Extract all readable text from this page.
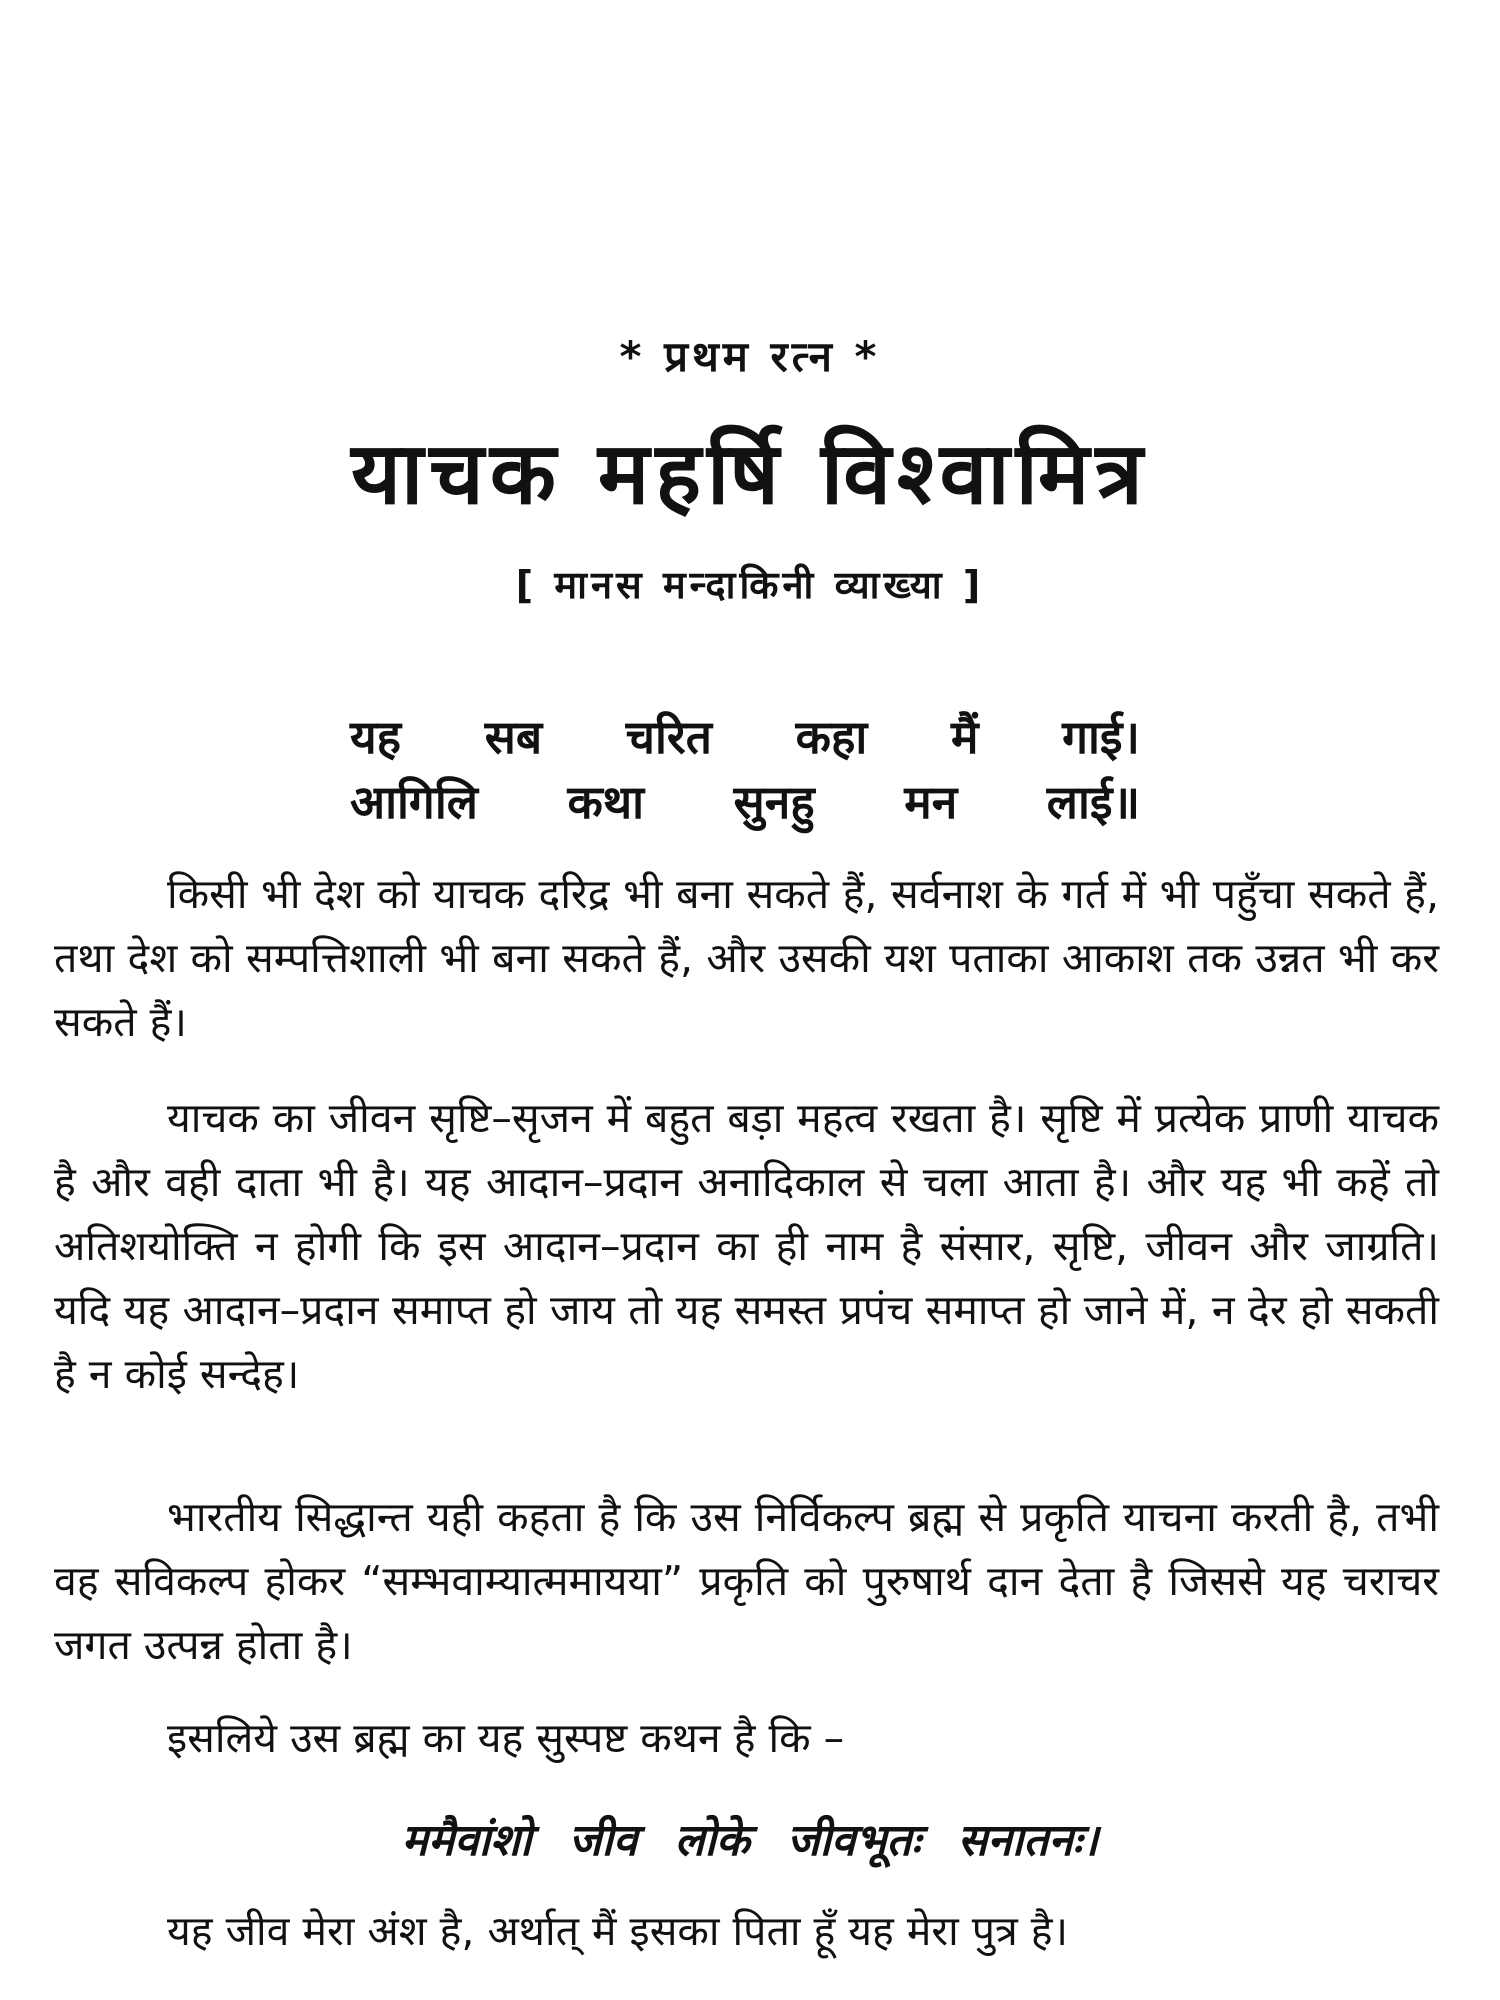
* प्रथम रत्न *
याचक महर्षि विश्वामित्र
[ मानस मन्दाकिनी व्याख्या ]
यह सब चरित कहा मैं गाई।
आगिलि कथा सुनहु मन लाई॥

किसी भी देश को याचक दरिद्र भी बना सकते हैं, सर्वनाश के गर्त में भी पहुँचा सकते हैं, तथा देश को सम्पत्तिशाली भी बना सकते हैं, और उसकी यश पताका आकाश तक उन्नत भी कर सकते हैं।

याचक का जीवन सृष्टि–सृजन में बहुत बड़ा महत्व रखता है। सृष्टि में प्रत्येक प्राणी याचक है और वही दाता भी है। यह आदान–प्रदान अनादिकाल से चला आता है। और यह भी कहें तो अतिशयोक्ति न होगी कि इस आदान–प्रदान का ही नाम है संसार, सृष्टि, जीवन और जाग्रति। यदि यह आदान–प्रदान समाप्त हो जाय तो यह समस्त प्रपंच समाप्त हो जाने में, न देर हो सकती है न कोई सन्देह।

भारतीय सिद्धान्त यही कहता है कि उस निर्विकल्प ब्रह्म से प्रकृति याचना करती है, तभी वह सविकल्प होकर “सम्भवाम्यात्ममायया” प्रकृति को पुरुषार्थ दान देता है जिससे यह चराचर जगत उत्पन्न होता है।

इसलिये उस ब्रह्म का यह सुस्पष्ट कथन है कि –

ममैवांशो जीव लोके जीवभूतः सनातनः।

यह जीव मेरा अंश है, अर्थात् मैं इसका पिता हूँ यह मेरा पुत्र है।
